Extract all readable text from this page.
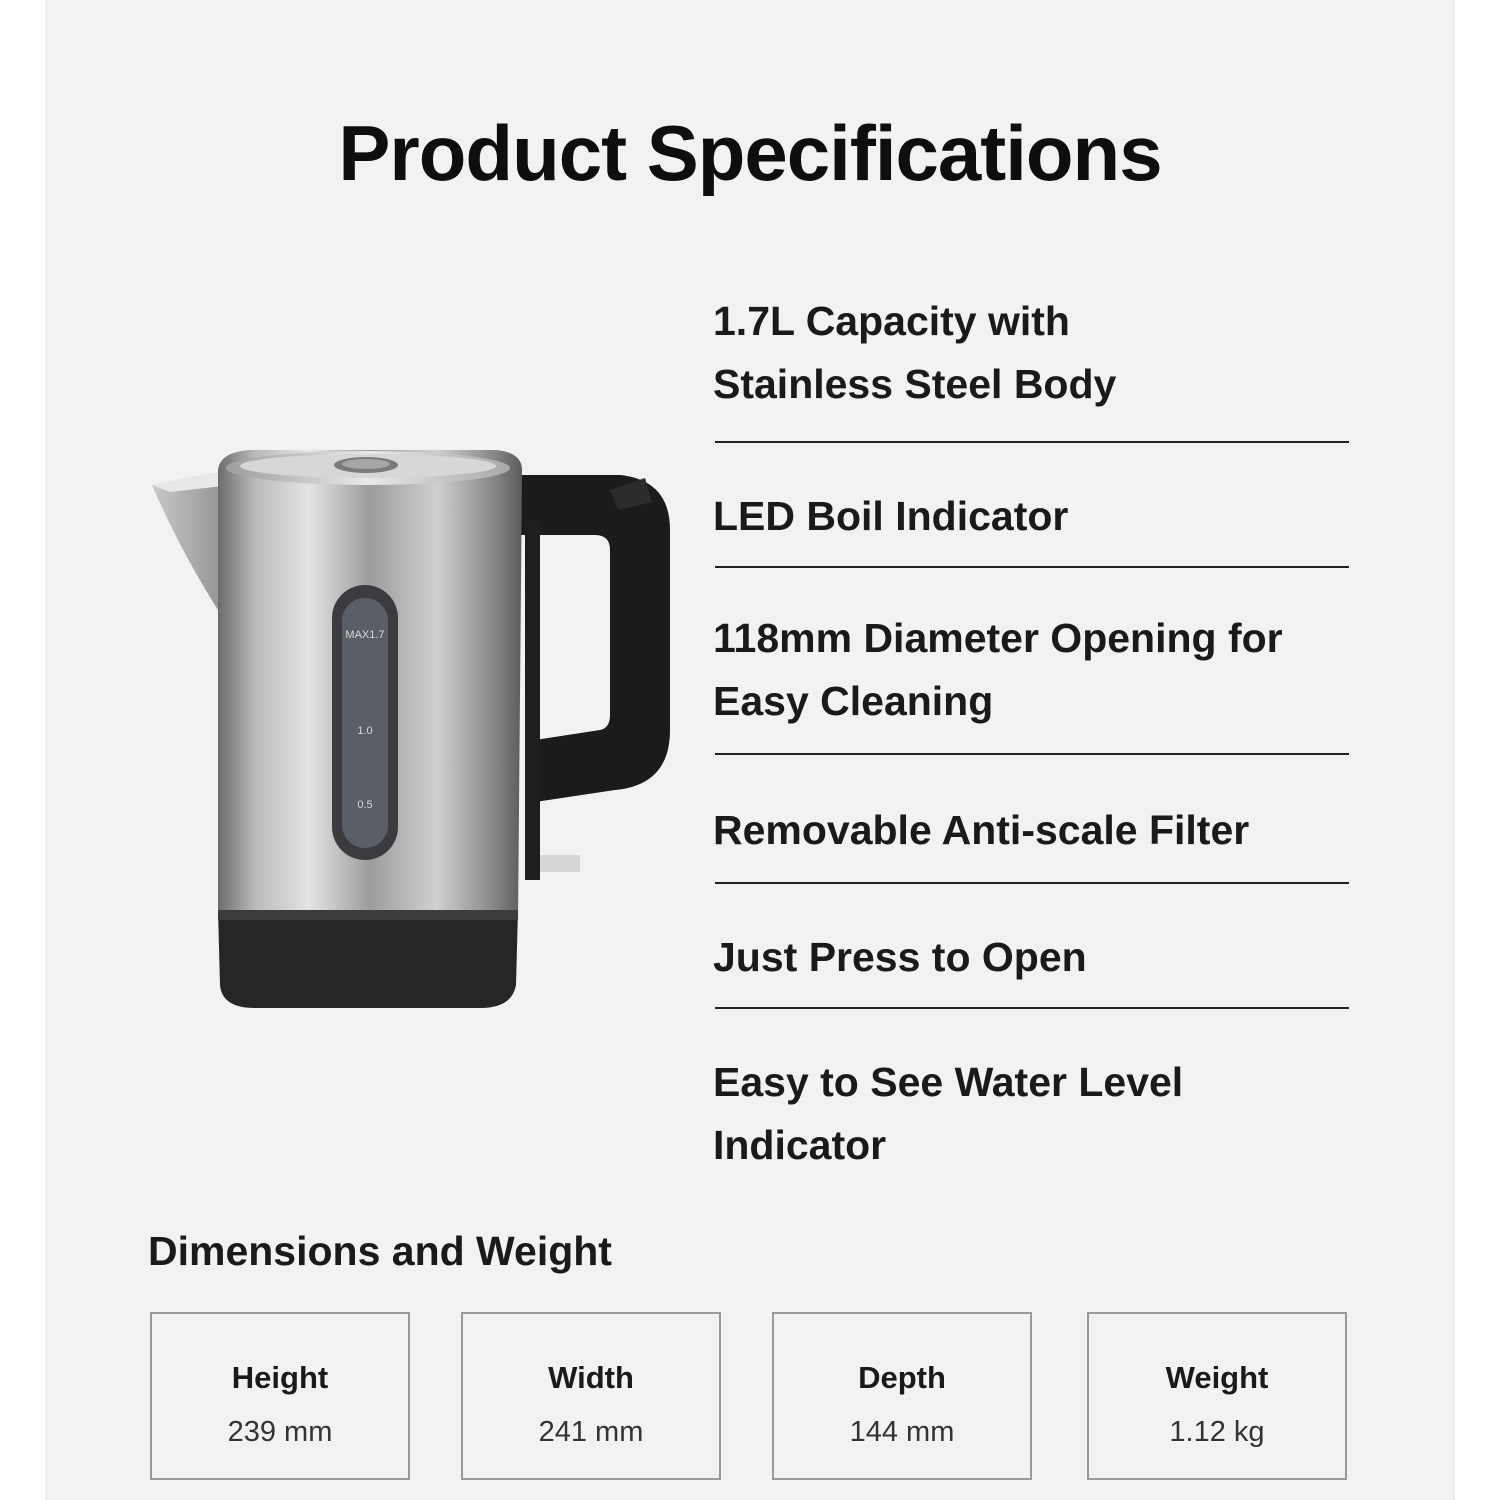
Product Specifications
MAX1.7
1.0
0.5
1.7L Capacity with
Stainless Steel Body
LED Boil Indicator
118mm Diameter Opening for
Easy Cleaning
Removable Anti-scale Filter
Just Press to Open
Easy to See Water Level
Indicator
Dimensions and Weight
Height
239 mm
Width
241 mm
Depth
144 mm
Weight
1.12 kg
